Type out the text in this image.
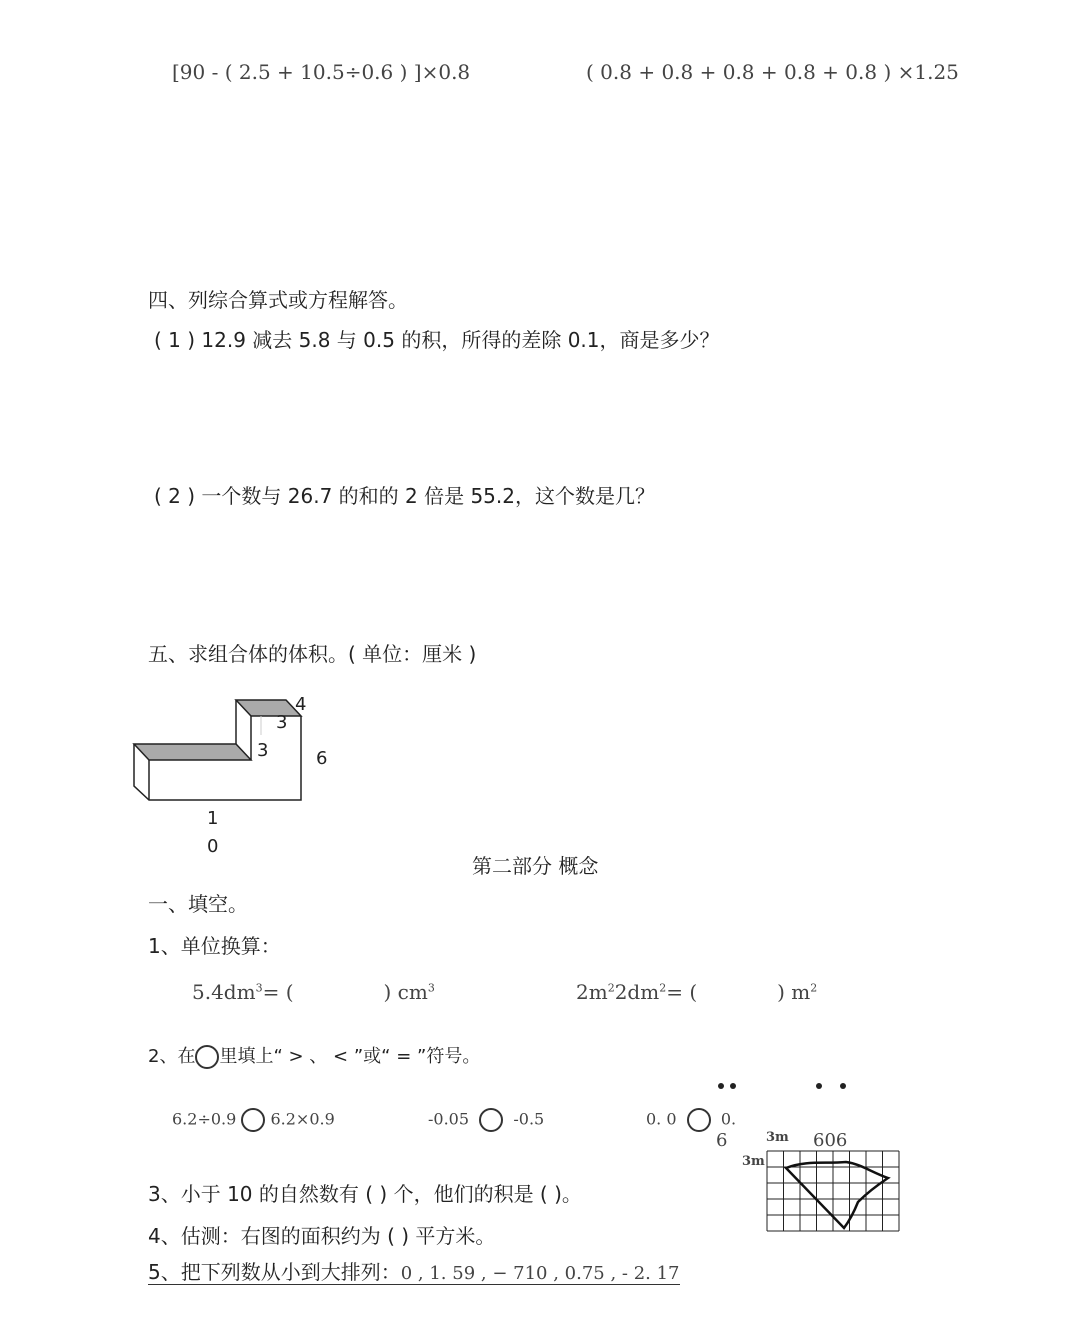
[90 - ( 2.5 + 10.5÷0.6 ) ]×0.8	( 0.8 + 0.8 + 0.8 + 0.8 + 0.8 ) ×1.25
四、列综合算式或方程解答。
( 1 ) 12.9 减去 5.8 与 0.5 的积，所得的差除 0.1，商是多少？
( 2 ) 一个数与 26.7 的和的 2 倍是 55.2，这个数是几？
五、求组合体的体积。( 单位：厘米 )
4
3
3	6
1
0
第二部分 概念
一、填空。
1、单位换算：
$5.4dm^3=$ (	) $cm^3$	$2m^22dm^2=$ (	) $m^2$
2、在 里填上“ > 、 < ”或“ = ”符号。
6.2÷0.9 6.2×0.9	-0.05	-0.5	0. 0	0.
6	606
3、小于 10 的自然数有 ( ) 个，他们的积是 ( )。
4、估测：右图的面积约为 ( ) 平方米。
3m
3m
5、把下列数从小到大排列：0 , 1. 59 , − 710 , 0.75 , - 2. 17
